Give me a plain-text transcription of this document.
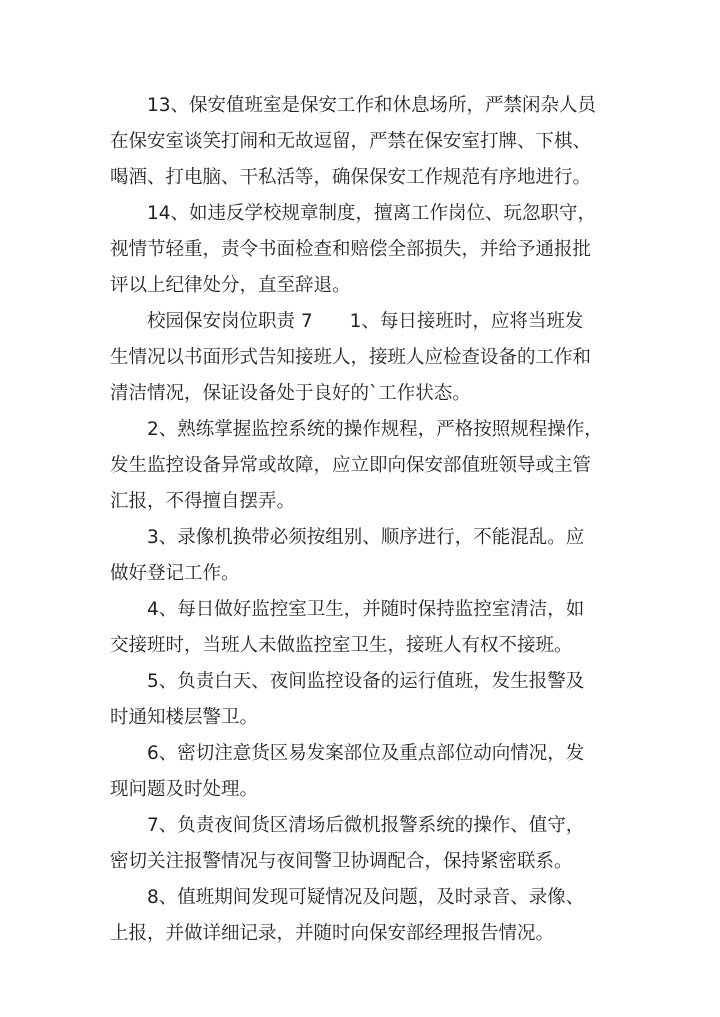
13、保安值班室是保安工作和休息场所，严禁闲杂人员
在保安室谈笑打闹和无故逗留，严禁在保安室打牌、下棋、
喝酒、打电脑、干私活等，确保保安工作规范有序地进行。

14、如违反学校规章制度，擅离工作岗位、玩忽职守，
视情节轻重，责令书面检查和赔偿全部损失，并给予通报批
评以上纪律处分，直至辞退。

校园保安岗位职责 7　　1、每日接班时，应将当班发
生情况以书面形式告知接班人，接班人应检查设备的工作和
清洁情况，保证设备处于良好的`工作状态。

2、熟练掌握监控系统的操作规程，严格按照规程操作，
发生监控设备异常或故障，应立即向保安部值班领导或主管
汇报，不得擅自摆弄。

3、录像机换带必须按组别、顺序进行，不能混乱。应
做好登记工作。

4、每日做好监控室卫生，并随时保持监控室清洁，如
交接班时，当班人未做监控室卫生，接班人有权不接班。

5、负责白天、夜间监控设备的运行值班，发生报警及
时通知楼层警卫。

6、密切注意货区易发案部位及重点部位动向情况，发
现问题及时处理。

7、负责夜间货区清场后微机报警系统的操作、值守，
密切关注报警情况与夜间警卫协调配合，保持紧密联系。

8、值班期间发现可疑情况及问题，及时录音、录像、
上报，并做详细记录，并随时向保安部经理报告情况。
